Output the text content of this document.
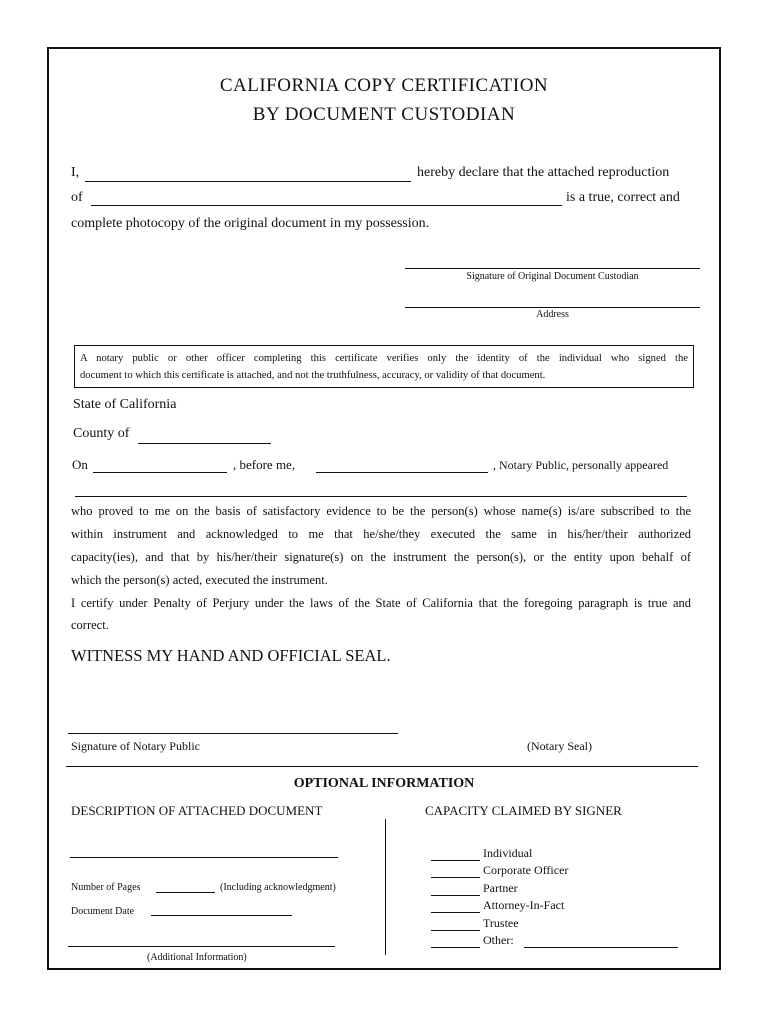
CALIFORNIA COPY CERTIFICATION
BY DOCUMENT CUSTODIAN
I,	hereby declare that the attached reproduction
of	is a true, correct and
complete photocopy of the original document in my possession.
Signature of Original Document Custodian
Address
A notary public or other officer completing this certificate verifies only the identity of the individual who signed the
document to which this certificate is attached, and not the truthfulness, accuracy, or validity of that document.
State of California
County of
On	, before me,	, Notary Public, personally appeared
who proved to me on the basis of satisfactory evidence to be the person(s) whose name(s) is/are subscribed to the
within instrument and acknowledged to me that he/she/they executed the same in his/her/their authorized
capacity(ies), and that by his/her/their signature(s) on the instrument the person(s), or the entity upon behalf of
which the person(s) acted, executed the instrument.
I certify under Penalty of Perjury under the laws of the State of California that the foregoing paragraph is true and
correct.
WITNESS MY HAND AND OFFICIAL SEAL.
Signature of Notary Public	(Notary Seal)
OPTIONAL INFORMATION
DESCRIPTION OF ATTACHED DOCUMENT	CAPACITY CLAIMED BY SIGNER
Number of Pages	(Including acknowledgment)
Document Date
(Additional Information)
Individual
Corporate Officer
Partner
Attorney-In-Fact
Trustee
Other:
